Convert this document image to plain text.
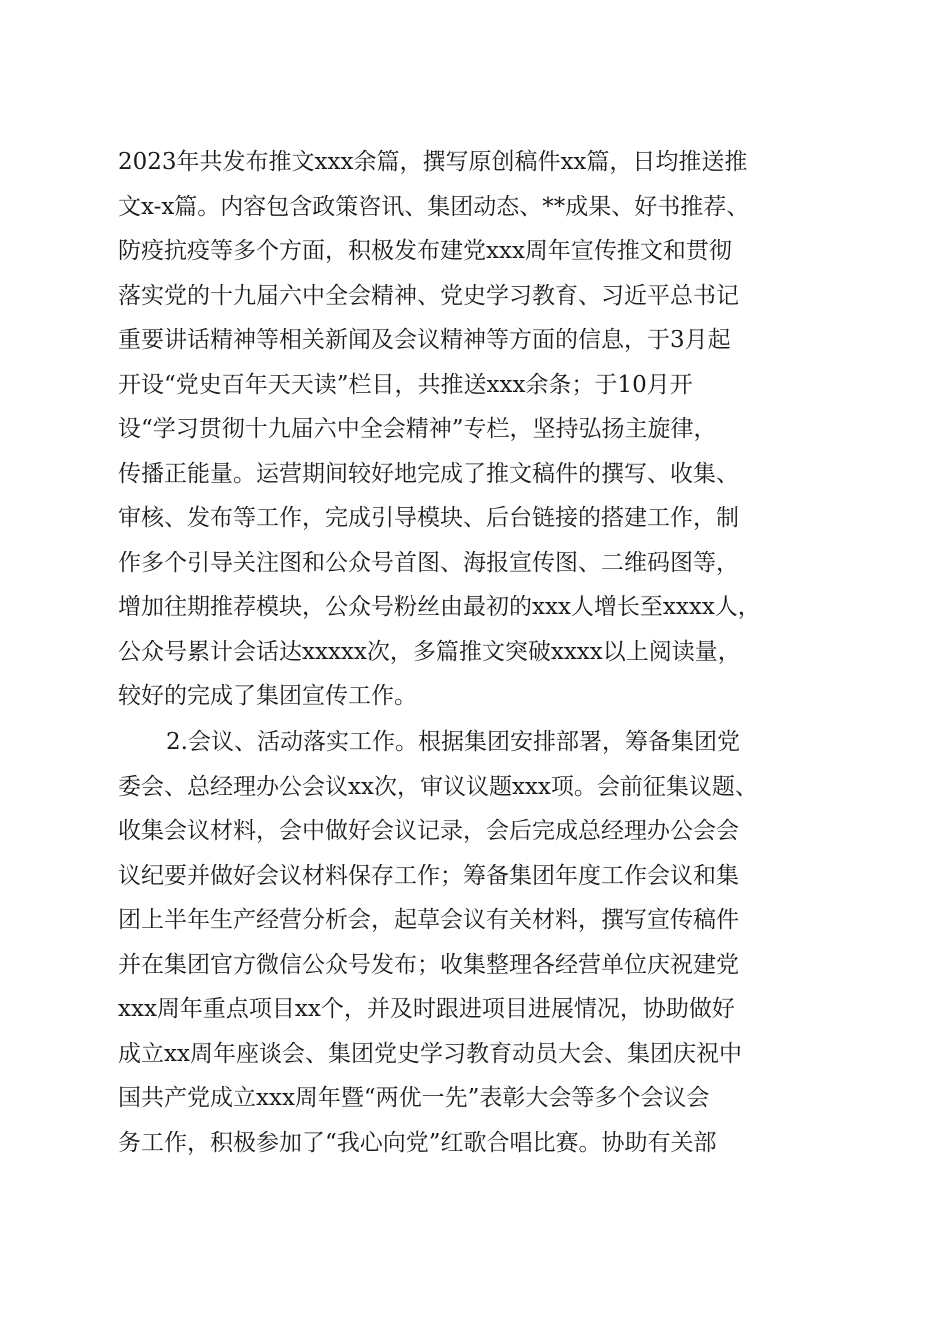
2023年共发布推文xxx余篇，撰写原创稿件xx篇，日均推送推
文x-x篇。内容包含政策咨讯、集团动态、**成果、好书推荐、
防疫抗疫等多个方面，积极发布建党xxx周年宣传推文和贯彻
落实党的十九届六中全会精神、党史学习教育、习近平总书记
重要讲话精神等相关新闻及会议精神等方面的信息，于3月起
开设“党史百年天天读”栏目，共推送xxx余条；于10月开
设“学习贯彻十九届六中全会精神”专栏，坚持弘扬主旋律，
传播正能量。运营期间较好地完成了推文稿件的撰写、收集、
审核、发布等工作，完成引导模块、后台链接的搭建工作，制
作多个引导关注图和公众号首图、海报宣传图、二维码图等，
增加往期推荐模块，公众号粉丝由最初的xxx人增长至xxxx人，
公众号累计会话达xxxxx次，多篇推文突破xxxx以上阅读量，
较好的完成了集团宣传工作。
2.会议、活动落实工作。根据集团安排部署，筹备集团党
委会、总经理办公会议xx次，审议议题xxx项。会前征集议题、
收集会议材料，会中做好会议记录，会后完成总经理办公会会
议纪要并做好会议材料保存工作；筹备集团年度工作会议和集
团上半年生产经营分析会，起草会议有关材料，撰写宣传稿件
并在集团官方微信公众号发布；收集整理各经营单位庆祝建党
xxx周年重点项目xx个，并及时跟进项目进展情况，协助做好
成立xx周年座谈会、集团党史学习教育动员大会、集团庆祝中
国共产党成立xxx周年暨“两优一先”表彰大会等多个会议会
务工作，积极参加了“我心向党”红歌合唱比赛。协助有关部
